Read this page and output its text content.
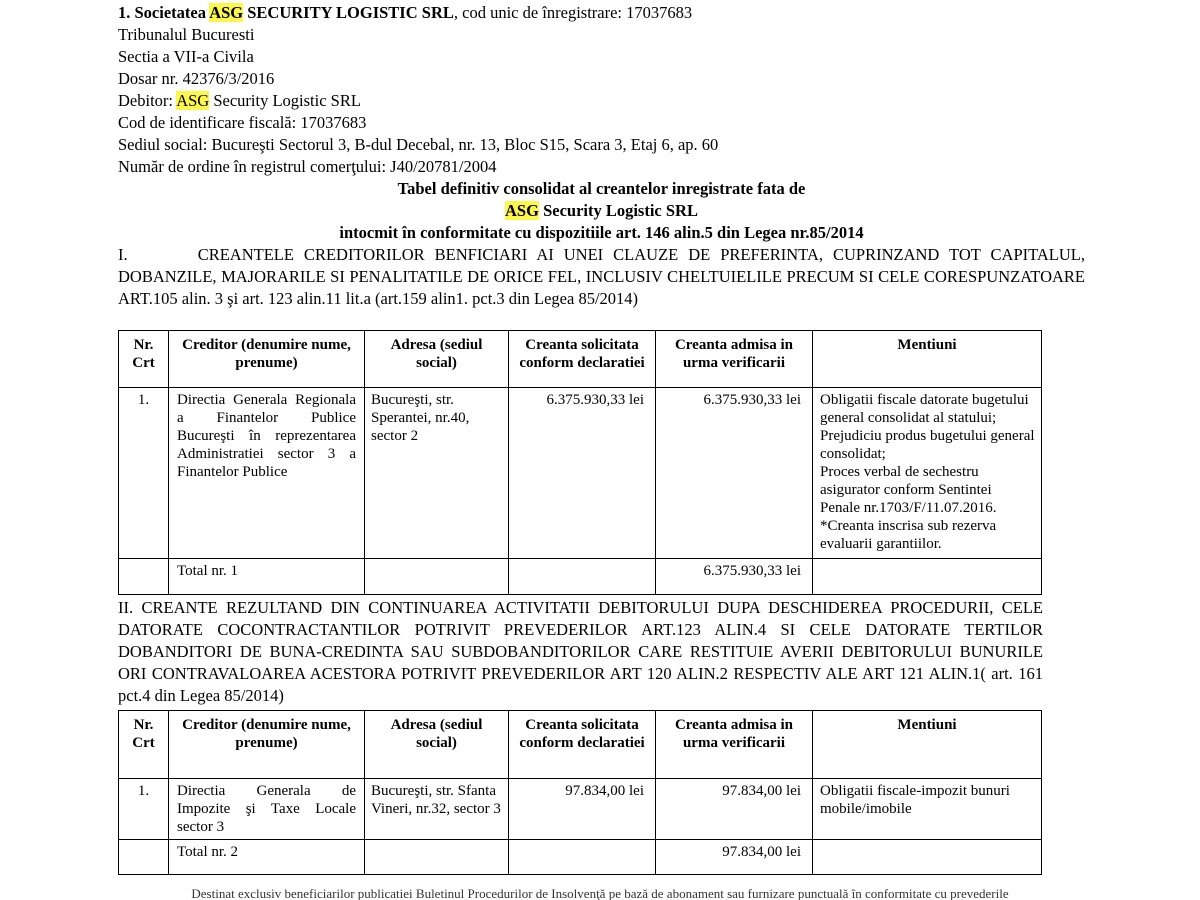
1. Societatea ASG SECURITY LOGISTIC SRL, cod unic de înregistrare: 17037683
Tribunalul Bucuresti
Sectia a VII-a Civila
Dosar nr. 42376/3/2016
Debitor: ASG Security Logistic SRL
Cod de identificare fiscală: 17037683
Sediul social: Bucureşti Sectorul 3, B-dul Decebal, nr. 13, Bloc S15, Scara 3, Etaj 6, ap. 60
Număr de ordine în registrul comerţului: J40/20781/2004
Tabel definitiv consolidat al creantelor inregistrate fata de
ASG Security Logistic SRL
intocmit în conformitate cu dispozitiile art. 146 alin.5 din Legea nr.85/2014
I.       CREANTELE CREDITORILOR BENFICIARI AI UNEI CLAUZE DE PREFERINTA, CUPRINZAND TOT CAPITALUL, DOBANZILE, MAJORARILE SI PENALITATILE DE ORICE FEL, INCLUSIV CHELTUIELILE PRECUM SI CELE CORESPUNZATOARE ART.105 alin. 3 şi art. 123 alin.11 lit.a (art.159 alin1. pct.3 din Legea 85/2014)
Nr. Crt	Creditor (denumire nume, prenume)	Adresa (sediul social)	Creanta solicitata conform declaratiei	Creanta admisa in urma verificarii	Mentiuni
1.	Directia Generala Regionala a Finantelor Publice Bucureşti în reprezentarea Administratiei sector 3 a Finantelor Publice	Bucureşti, str. Sperantei, nr.40, sector 2	6.375.930,33 lei	6.375.930,33 lei	Obligatii fiscale datorate bugetului general consolidat al statului;
Prejudiciu produs bugetului general consolidat;
Proces verbal de sechestru asigurator conform Sentintei Penale nr.1703/F/11.07.2016.
*Creanta inscrisa sub rezerva evaluarii garantiilor.

	Total nr. 1			6.375.930,33 lei	
II. CREANTE REZULTAND DIN CONTINUAREA ACTIVITATII DEBITORULUI DUPA DESCHIDEREA PROCEDURII, CELE DATORATE COCONTRACTANTILOR POTRIVIT PREVEDERILOR ART.123 ALIN.4 SI CELE DATORATE TERTILOR DOBANDITORI DE BUNA-CREDINTA SAU SUBDOBANDITORILOR CARE RESTITUIE AVERII DEBITORULUI BUNURILE ORI CONTRAVALOAREA ACESTORA POTRIVIT PREVEDERILOR ART 120 ALIN.2 RESPECTIV ALE ART 121 ALIN.1( art. 161 pct.4 din Legea 85/2014)
Nr. Crt	Creditor (denumire nume, prenume)	Adresa (sediul social)	Creanta solicitata conform declaratiei	Creanta admisa in urma verificarii	Mentiuni
1.	Directia Generala de Impozite şi Taxe Locale sector 3	Bucureşti, str. Sfanta Vineri, nr.32, sector 3	97.834,00 lei	97.834,00 lei	Obligatii fiscale-impozit bunuri mobile/imobile

	Total nr. 2			97.834,00 lei	
Destinat exclusiv beneficiarilor publicatiei Buletinul Procedurilor de Insolvenţă pe bază de abonament sau furnizare punctuală în conformitate cu prevederile
